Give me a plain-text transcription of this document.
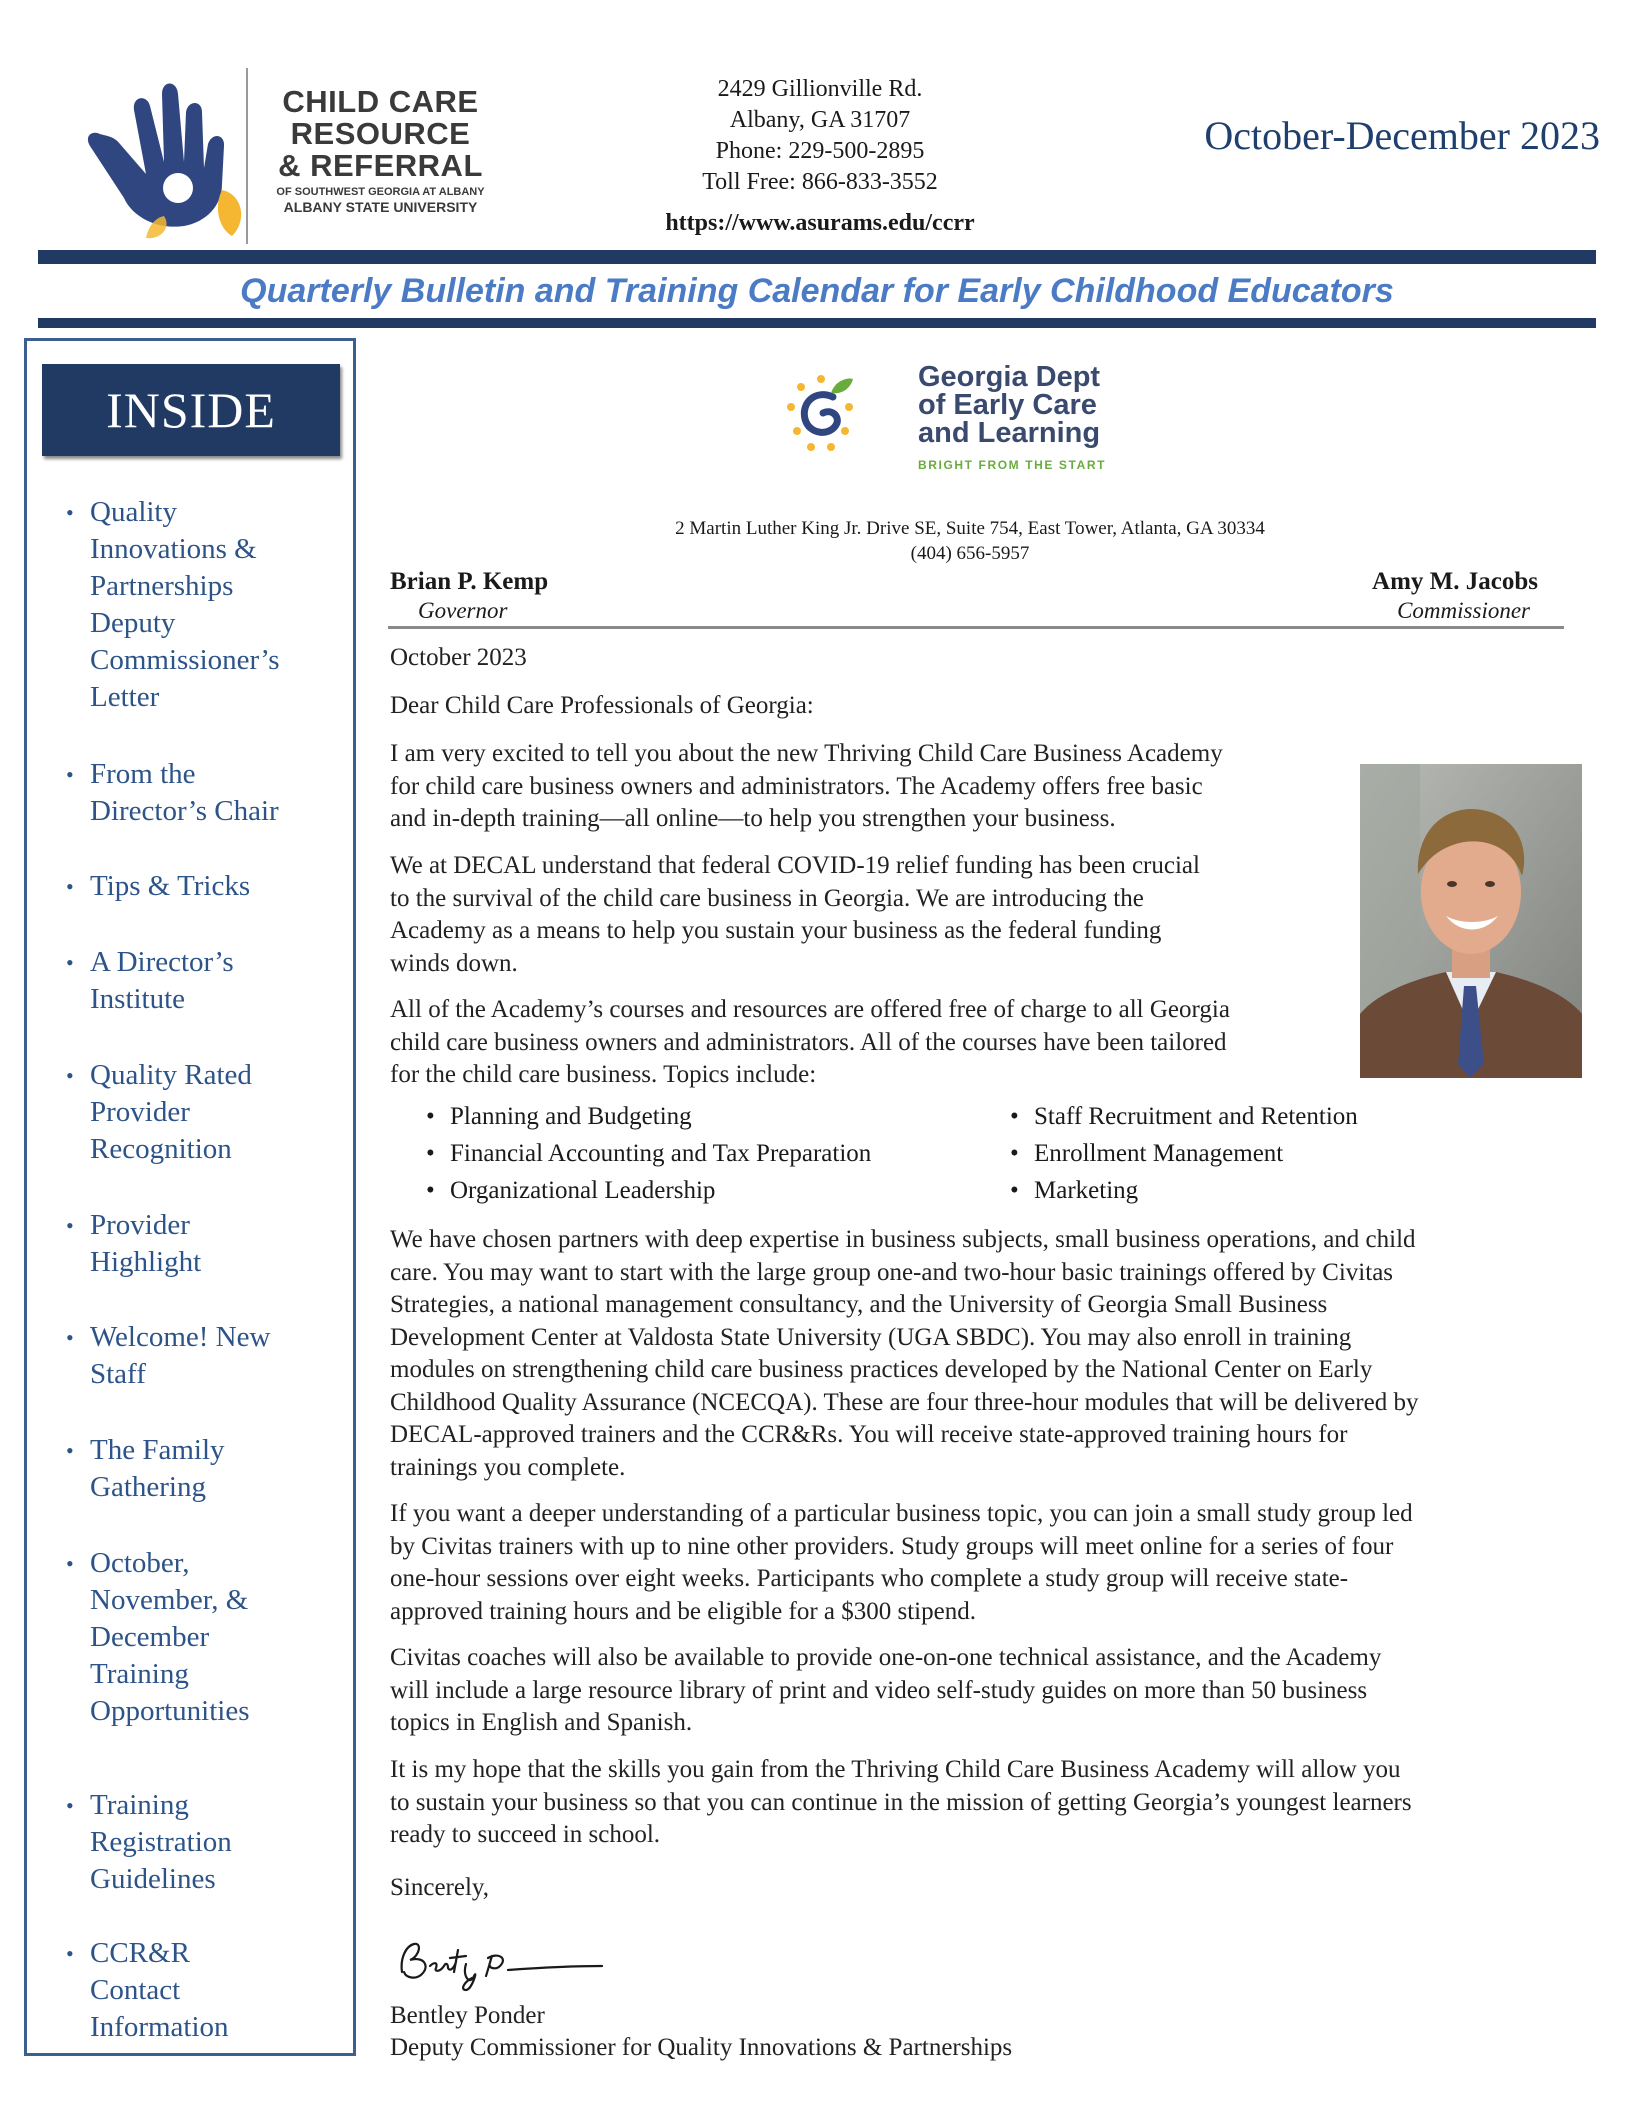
CHILD CARE
RESOURCE
& REFERRAL
OF SOUTHWEST GEORGIA AT ALBANY
ALBANY STATE UNIVERSITY
2429 Gillionville Rd.
Albany, GA 31707
Phone: 229-500-2895
Toll Free: 866-833-3552
https://www.asurams.edu/ccrr
October-December 2023
Quarterly Bulletin and Training Calendar for Early Childhood Educators
INSIDE
• Quality Innovations & Partnerships Deputy Commissioner’s Letter
• From the Director’s Chair
• Tips & Tricks
• A Director’s Institute
• Quality Rated Provider Recognition
• Provider Highlight
• Welcome! New Staff
• The Family Gathering
• October, November, & December Training Opportunities
• Training Registration Guidelines
• CCR&R Contact Information
Georgia Dept
of Early Care
and Learning
BRIGHT FROM THE START
2 Martin Luther King Jr. Drive SE, Suite 754, East Tower, Atlanta, GA 30334
(404) 656-5957
Brian P. Kemp
Governor
Amy M. Jacobs
Commissioner
October 2023
Dear Child Care Professionals of Georgia:
I am very excited to tell you about the new Thriving Child Care Business Academy
for child care business owners and administrators. The Academy offers free basic
and in-depth training—all online—to help you strengthen your business.
We at DECAL understand that federal COVID-19 relief funding has been crucial
to the survival of the child care business in Georgia. We are introducing the
Academy as a means to help you sustain your business as the federal funding
winds down.
All of the Academy’s courses and resources are offered free of charge to all Georgia
child care business owners and administrators. All of the courses have been tailored
for the child care business. Topics include:
• Planning and Budgeting
• Financial Accounting and Tax Preparation
• Organizational Leadership
• Staff Recruitment and Retention
• Enrollment Management
• Marketing
We have chosen partners with deep expertise in business subjects, small business operations, and child
care. You may want to start with the large group one-and two-hour basic trainings offered by Civitas
Strategies, a national management consultancy, and the University of Georgia Small Business
Development Center at Valdosta State University (UGA SBDC). You may also enroll in training
modules on strengthening child care business practices developed by the National Center on Early
Childhood Quality Assurance (NCECQA). These are four three-hour modules that will be delivered by
DECAL-approved trainers and the CCR&Rs. You will receive state-approved training hours for
trainings you complete.
If you want a deeper understanding of a particular business topic, you can join a small study group led
by Civitas trainers with up to nine other providers. Study groups will meet online for a series of four
one-hour sessions over eight weeks. Participants who complete a study group will receive state-
approved training hours and be eligible for a $300 stipend.
Civitas coaches will also be available to provide one-on-one technical assistance, and the Academy
will include a large resource library of print and video self-study guides on more than 50 business
topics in English and Spanish.
It is my hope that the skills you gain from the Thriving Child Care Business Academy will allow you
to sustain your business so that you can continue in the mission of getting Georgia’s youngest learners
ready to succeed in school.
Sincerely,
Bentley Ponder
Deputy Commissioner for Quality Innovations & Partnerships
